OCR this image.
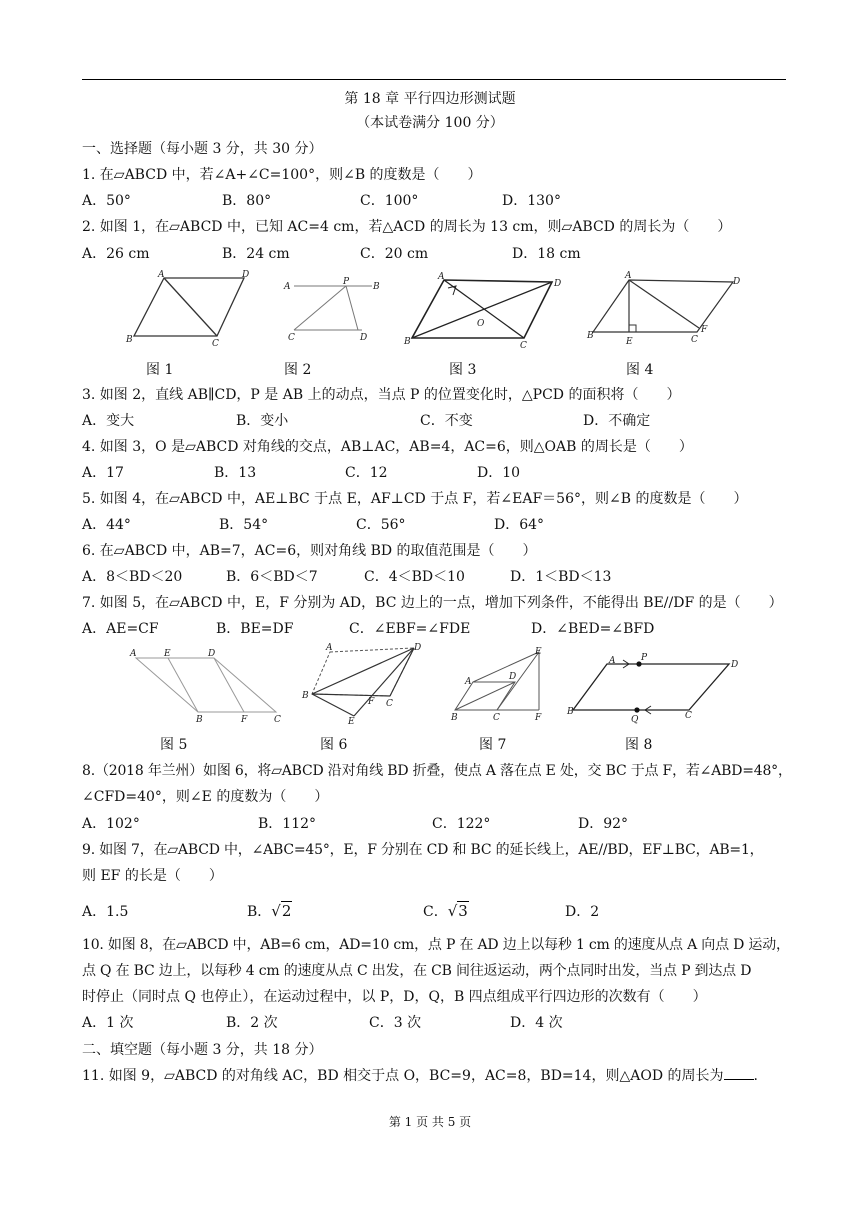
第 18 章 平行四边形测试题
（本试卷满分 100 分）
一、选择题（每小题 3 分，共 30 分）
1. 在▱ABCD 中，若∠A+∠C=100°，则∠B 的度数是（　　）
A．50°	B．80°	C．100°	D．130°
2. 如图 1，在▱ABCD 中，已知 AC=4 cm，若△ACD 的周长为 13 cm，则▱ABCD 的周长为（　　）
A．26 cm	B．24 cm	C．20 cm	D．18 cm
A	D
B	C
A	P	B
C	D
A
D
B	C
O
A
D
B
E	C
F
图 1	图 2	图 3	图 4
3. 如图 2，直线 AB∥CD，P 是 AB 上的动点，当点 P 的位置变化时，△PCD 的面积将（　　）
A．变大	B．变小	C．不变	D．不确定
4. 如图 3，O 是▱ABCD 对角线的交点，AB⊥AC，AB=4，AC=6，则△OAB 的周长是（　　）
A．17	B．13	C．12	D．10
5. 如图 4，在▱ABCD 中，AE⊥BC 于点 E，AF⊥CD 于点 F，若∠EAF＝56°，则∠B 的度数是（　　）
A．44°	B．54°	C．56°	D．64°
6. 在▱ABCD 中，AB=7，AC=6，则对角线 BD 的取值范围是（　　）
A．8＜BD＜20	B．6＜BD＜7	C．4＜BD＜10	D．1＜BD＜13
7. 如图 5，在▱ABCD 中，E，F 分别为 AD，BC 边上的一点，增加下列条件，不能得出 BE//DF 的是（　　）
A．AE=CF	B．BE=DF	C．∠EBF=∠FDE	D．∠BED=∠BFD
A	E	D
B	F	C
A	D
B
C
E
F
A	D
E
B	C	F
A	P
D
B
Q	C
图 5	图 6	图 7	图 8
8.（2018 年兰州）如图 6，将▱ABCD 沿对角线 BD 折叠，使点 A 落在点 E 处，交 BC 于点 F，若∠ABD=48°，
∠CFD=40°，则∠E 的度数为（　　）
A．102°	B．112°	C．122°	D．92°
9. 如图 7，在▱ABCD 中，∠ABC=45°，E，F 分别在 CD 和 BC 的延长线上，AE//BD，EF⊥BC，AB=1，
则 EF 的长是（　　）
A．1.5	B．√2	C．√3	D．2
10. 如图 8，在▱ABCD 中，AB=6 cm，AD=10 cm，点 P 在 AD 边上以每秒 1 cm 的速度从点 A 向点 D 运动，
点 Q 在 BC 边上，以每秒 4 cm 的速度从点 C 出发，在 CB 间往返运动，两个点同时出发，当点 P 到达点 D
时停止（同时点 Q 也停止），在运动过程中，以 P，D，Q，B 四点组成平行四边形的次数有（　　）
A．1 次	B．2 次	C．3 次	D．4 次
二、填空题（每小题 3 分，共 18 分）
11. 如图 9，▱ABCD 的对角线 AC，BD 相交于点 O，BC=9，AC=8，BD=14，则△AOD 的周长为 .
第 1 页 共 5 页
